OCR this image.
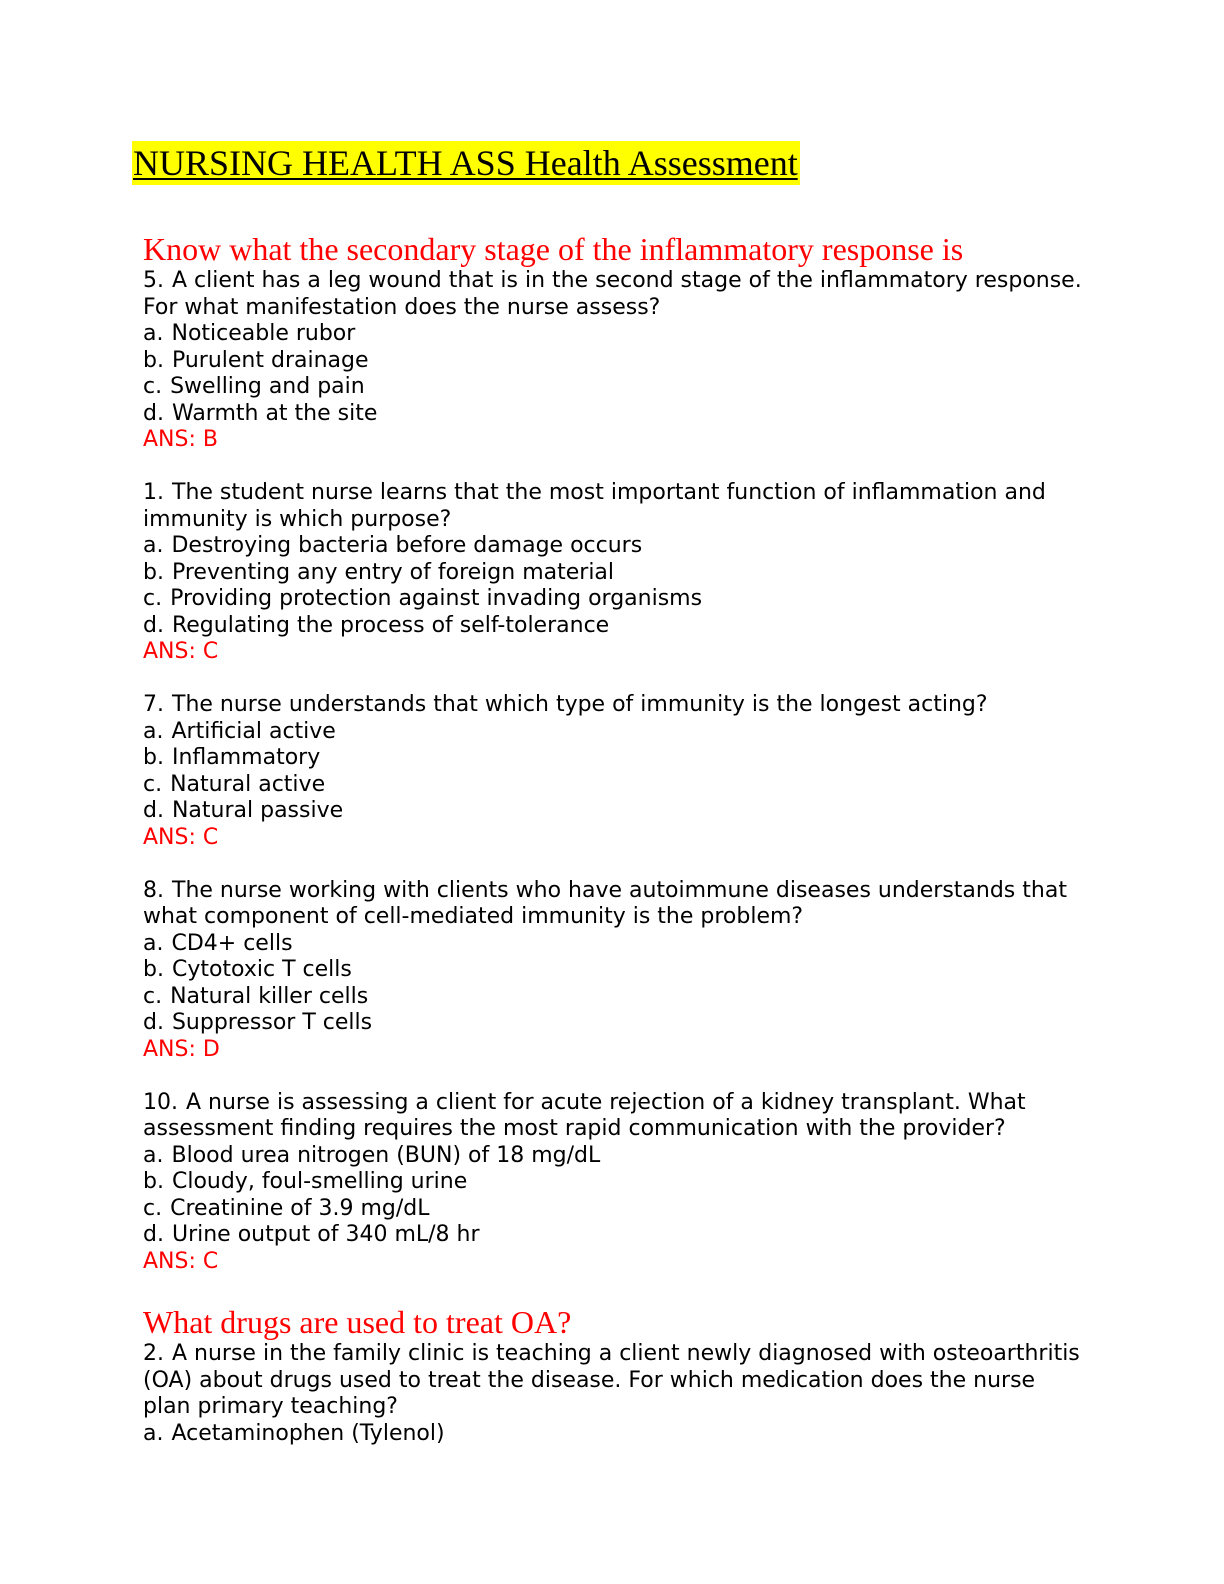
NURSING HEALTH ASS Health Assessment
Know what the secondary stage of the inflammatory response is
5. A client has a leg wound that is in the second stage of the inflammatory response. For what manifestation does the nurse assess?
a. Noticeable rubor
b. Purulent drainage
c. Swelling and pain
d. Warmth at the site
ANS: B
1. The student nurse learns that the most important function of inflammation and immunity is which purpose?
a. Destroying bacteria before damage occurs
b. Preventing any entry of foreign material
c. Providing protection against invading organisms
d. Regulating the process of self-tolerance
ANS: C
7. The nurse understands that which type of immunity is the longest acting?
a. Artificial active
b. Inflammatory
c. Natural active
d. Natural passive
ANS: C
8. The nurse working with clients who have autoimmune diseases understands that what component of cell-mediated immunity is the problem?
a. CD4+ cells
b. Cytotoxic T cells
c. Natural killer cells
d. Suppressor T cells
ANS: D
10. A nurse is assessing a client for acute rejection of a kidney transplant. What assessment finding requires the most rapid communication with the provider?
a. Blood urea nitrogen (BUN) of 18 mg/dL
b. Cloudy, foul-smelling urine
c. Creatinine of 3.9 mg/dL
d. Urine output of 340 mL/8 hr
ANS: C
What drugs are used to treat OA?
2. A nurse in the family clinic is teaching a client newly diagnosed with osteoarthritis (OA) about drugs used to treat the disease. For which medication does the nurse plan primary teaching?
a. Acetaminophen (Tylenol)
